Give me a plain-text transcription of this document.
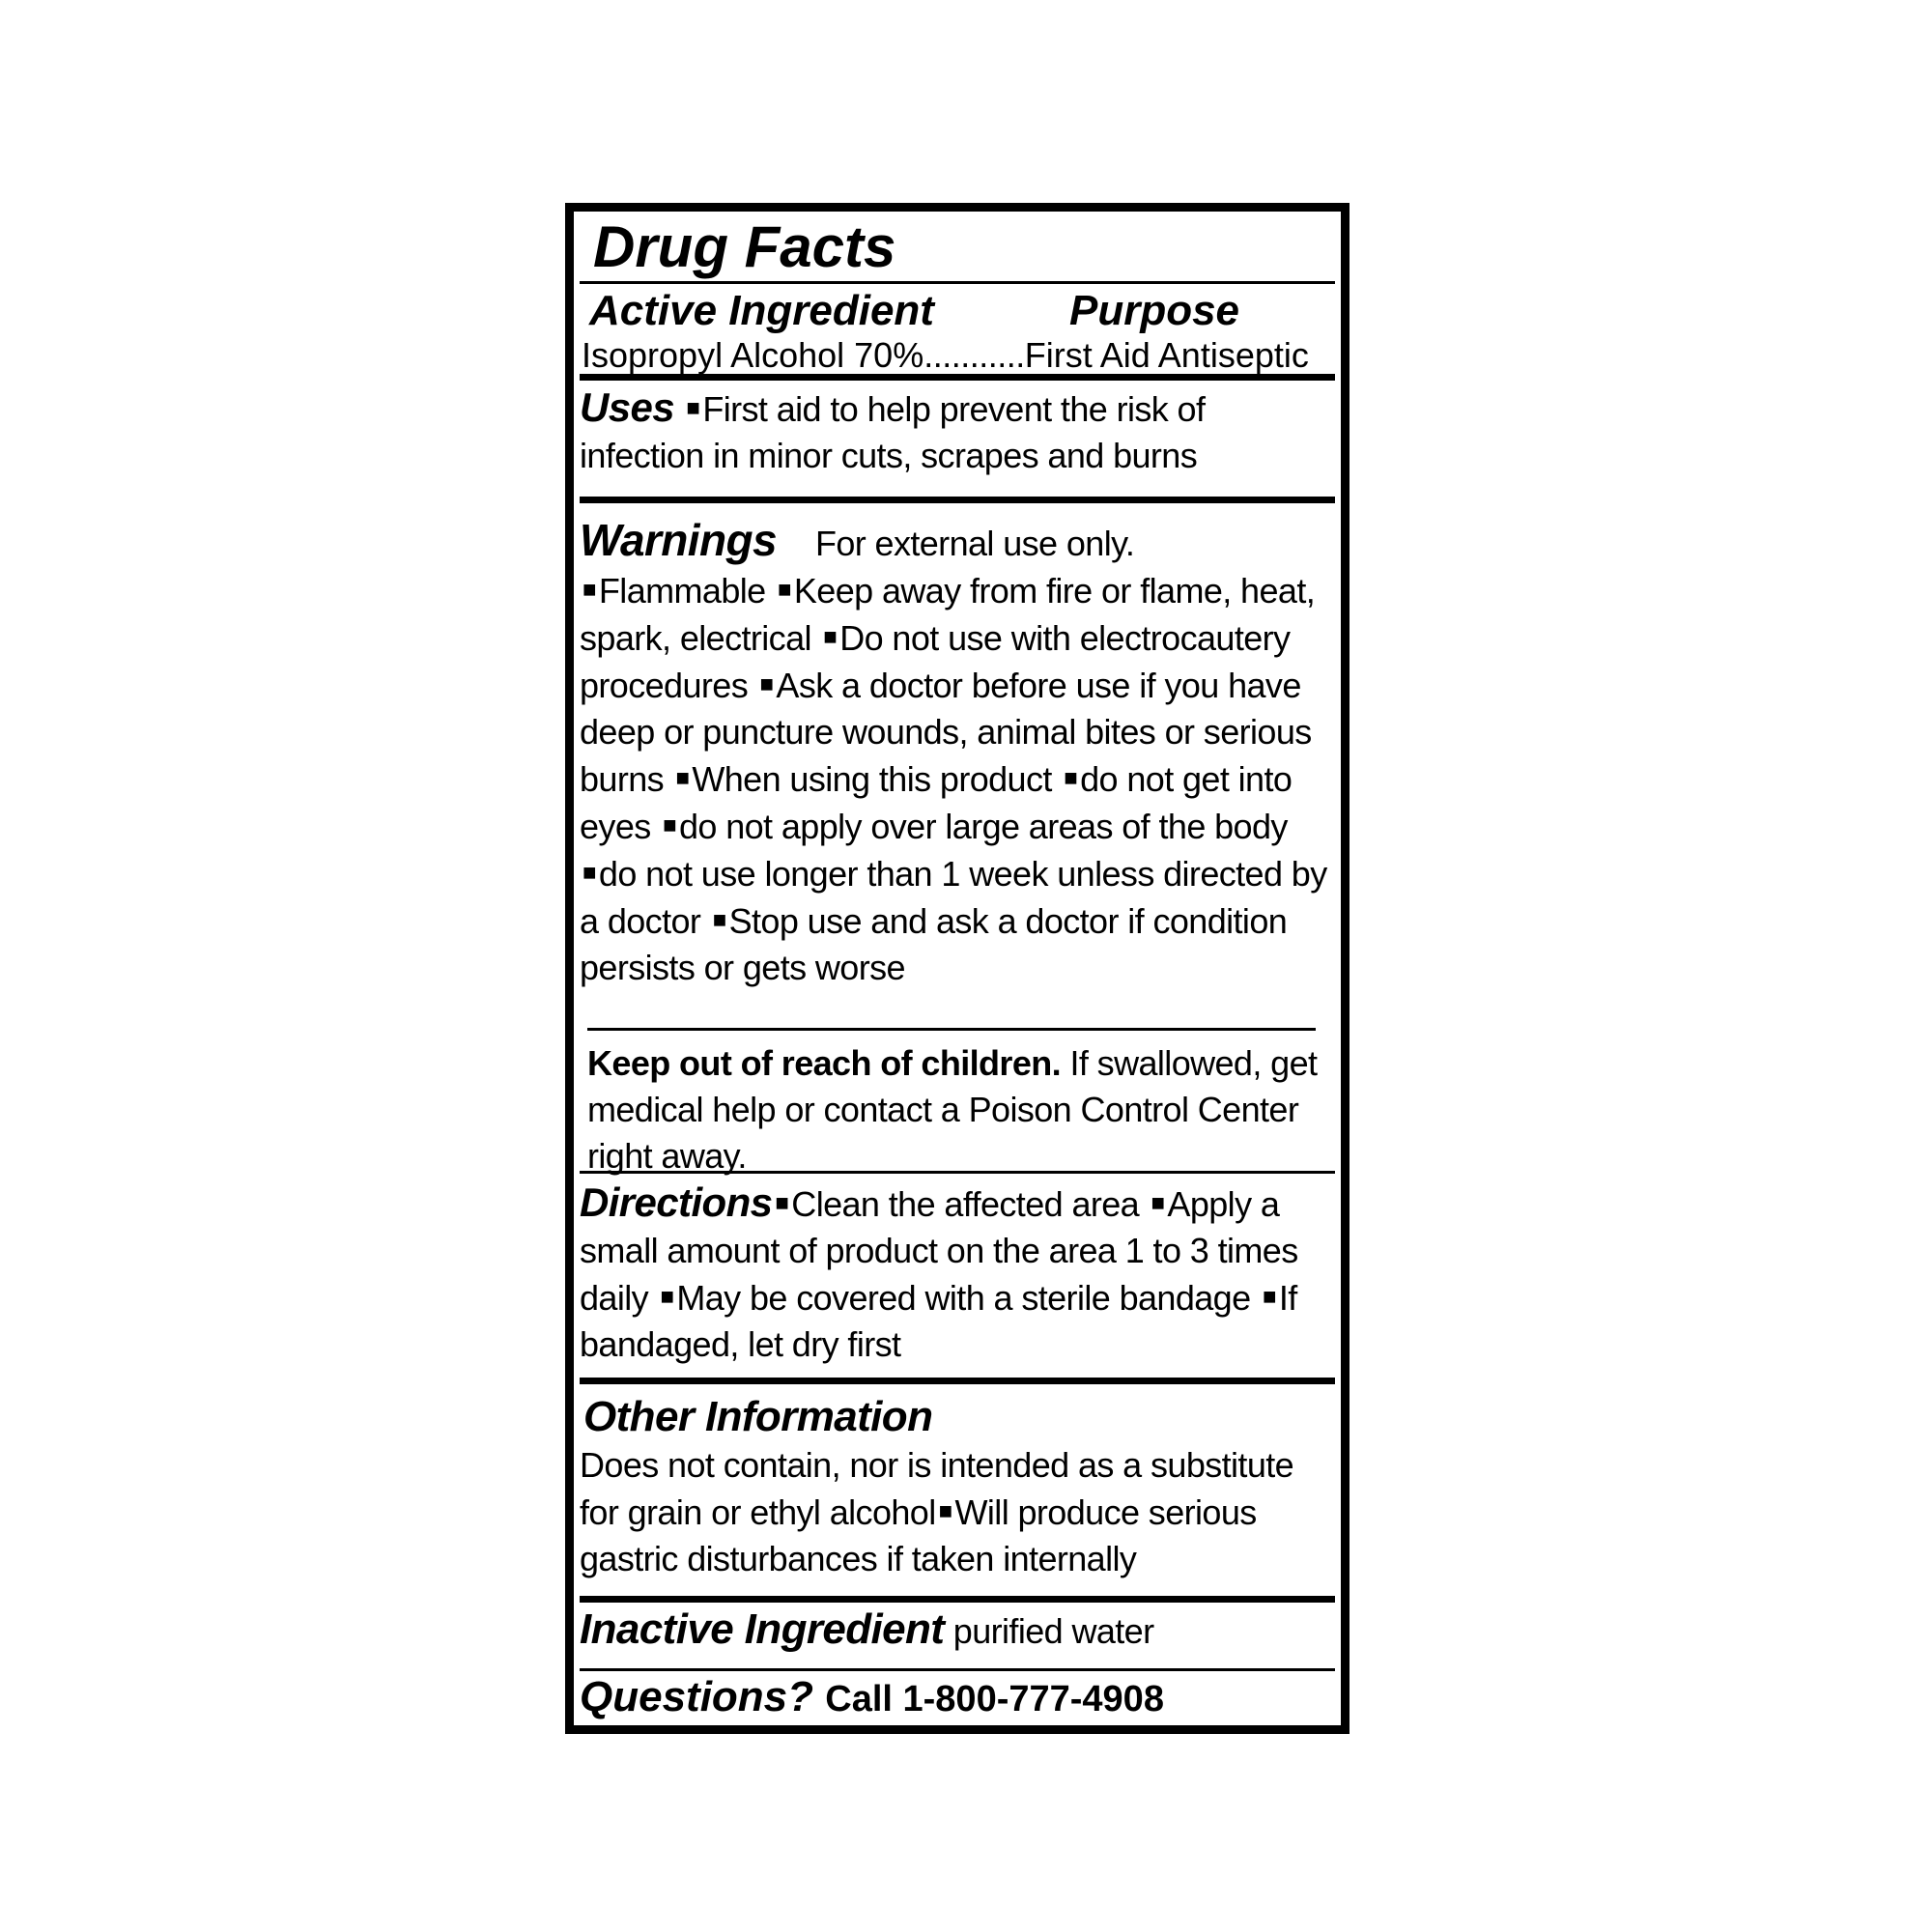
Drug Facts
Active Ingredient	Purpose
Isopropyl Alcohol 70% ........... First Aid Antiseptic
Uses ■ First aid to help prevent the risk of infection in minor cuts, scrapes and burns
Warnings For external use only.
■ Flammable ■ Keep away from fire or flame, heat, spark, electrical ■ Do not use with electrocautery procedures ■ Ask a doctor before use if you have deep or puncture wounds, animal bites or serious burns ■ When using this product ■ do not get into eyes ■ do not apply over large areas of the body ■ do not use longer than 1 week unless directed by a doctor ■ Stop use and ask a doctor if condition persists or gets worse
Keep out of reach of children. If swallowed, get medical help or contact a Poison Control Center right away.
Directions ■ Clean the affected area ■ Apply a small amount of product on the area 1 to 3 times daily ■ May be covered with a sterile bandage ■ If bandaged, let dry first
Other Information
Does not contain, nor is intended as a substitute for grain or ethyl alcohol ■ Will produce serious gastric disturbances if taken internally
Inactive Ingredient purified water
Questions? Call 1-800-777-4908
